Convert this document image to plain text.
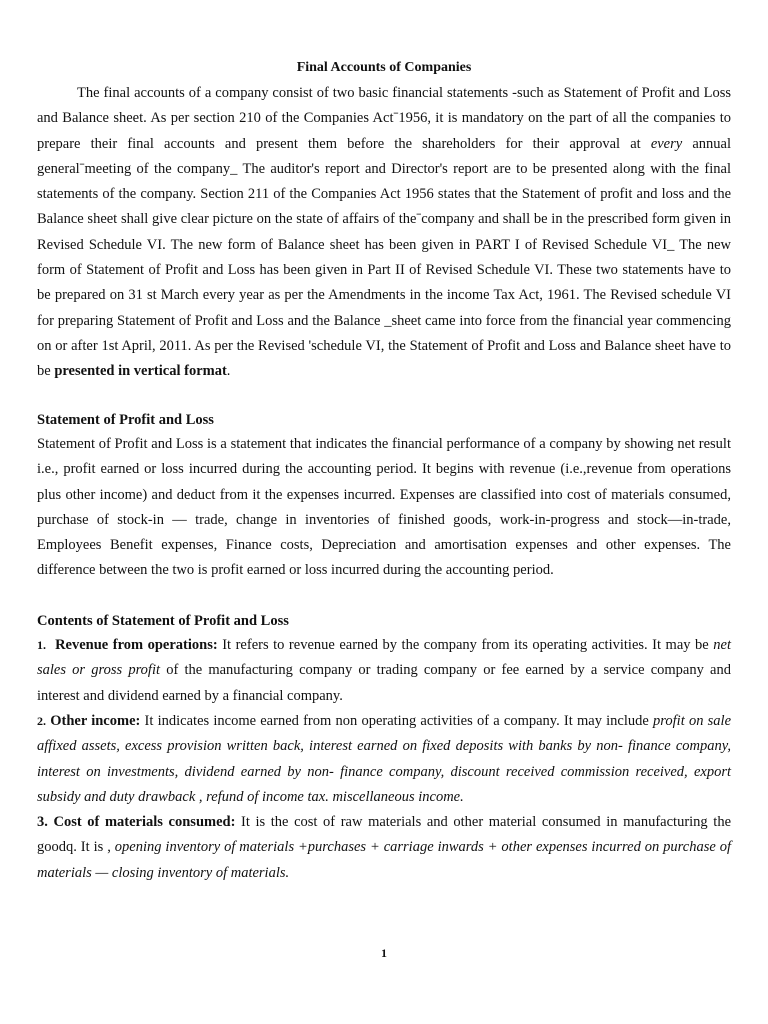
Final Accounts of Companies

The final accounts of a company consist of two basic financial statements -such as Statement of Profit and Loss and Balance sheet. As per section 210 of the Companies Actˉ1956, it is mandatory on the part of all the companies to prepare their final accounts and present them before the shareholders for their approval at every annual generalˉmeeting of the company_ The auditor's report and Director's report are to be presented along with the final statements of the company. Section 211 of the Companies Act 1956 states that the Statement of profit and loss and the Balance sheet shall give clear picture on the state of affairs of theˉcompany and shall be in the prescribed form given in Revised Schedule VI. The new form of Balance sheet has been given in PART I of Revised Schedule VI_ The new form of Statement of Profit and Loss has been given in Part II of Revised Schedule VI. These two statements have to be prepared on 31 st March every year as per the Amendments in the income Tax Act, 1961. The Revised schedule VI for preparing Statement of Profit and Loss and the Balance _sheet came into force from the financial year commencing on or after 1st April, 2011. As per the Revised 'schedule VI, the Statement of Profit and Loss and Balance sheet have to be presented in vertical format.

Statement of Profit and Loss

Statement of Profit and Loss is a statement that indicates the financial performance of a company by showing net result i.e., profit earned or loss incurred during the accounting period. It begins with revenue (i.e.,revenue from operations plus other income) and deduct from it the expenses incurred. Expenses are classified into cost of materials consumed, purchase of stock-in — trade, change in inventories of finished goods, work-in-progress and stock—in-trade, Employees Benefit expenses, Finance costs, Depreciation and amortisation expenses and other expenses. The difference between the two is profit earned or loss incurred during the accounting period.

Contents of Statement of Profit and Loss

1. Revenue from operations: It refers to revenue earned by the company from its operating activities. It may be net sales or gross profit of the manufacturing company or trading company or fee earned by a service company and interest and dividend earned by a financial company.

2. Other income: It indicates income earned from non operating activities of a company. It may include profit on sale affixed assets, excess provision written back, interest earned on fixed deposits with banks by non- finance company, interest on investments, dividend earned by non- finance company, discount received commission received, export subsidy and duty drawback , refund of income tax. miscellaneous income.

3. Cost of materials consumed: It is the cost of raw materials and other material consumed in manufacturing the goodq. It is , opening inventory of materials +purchases + carriage inwards + other expenses incurred on purchase of materials — closing inventory of materials.

1
